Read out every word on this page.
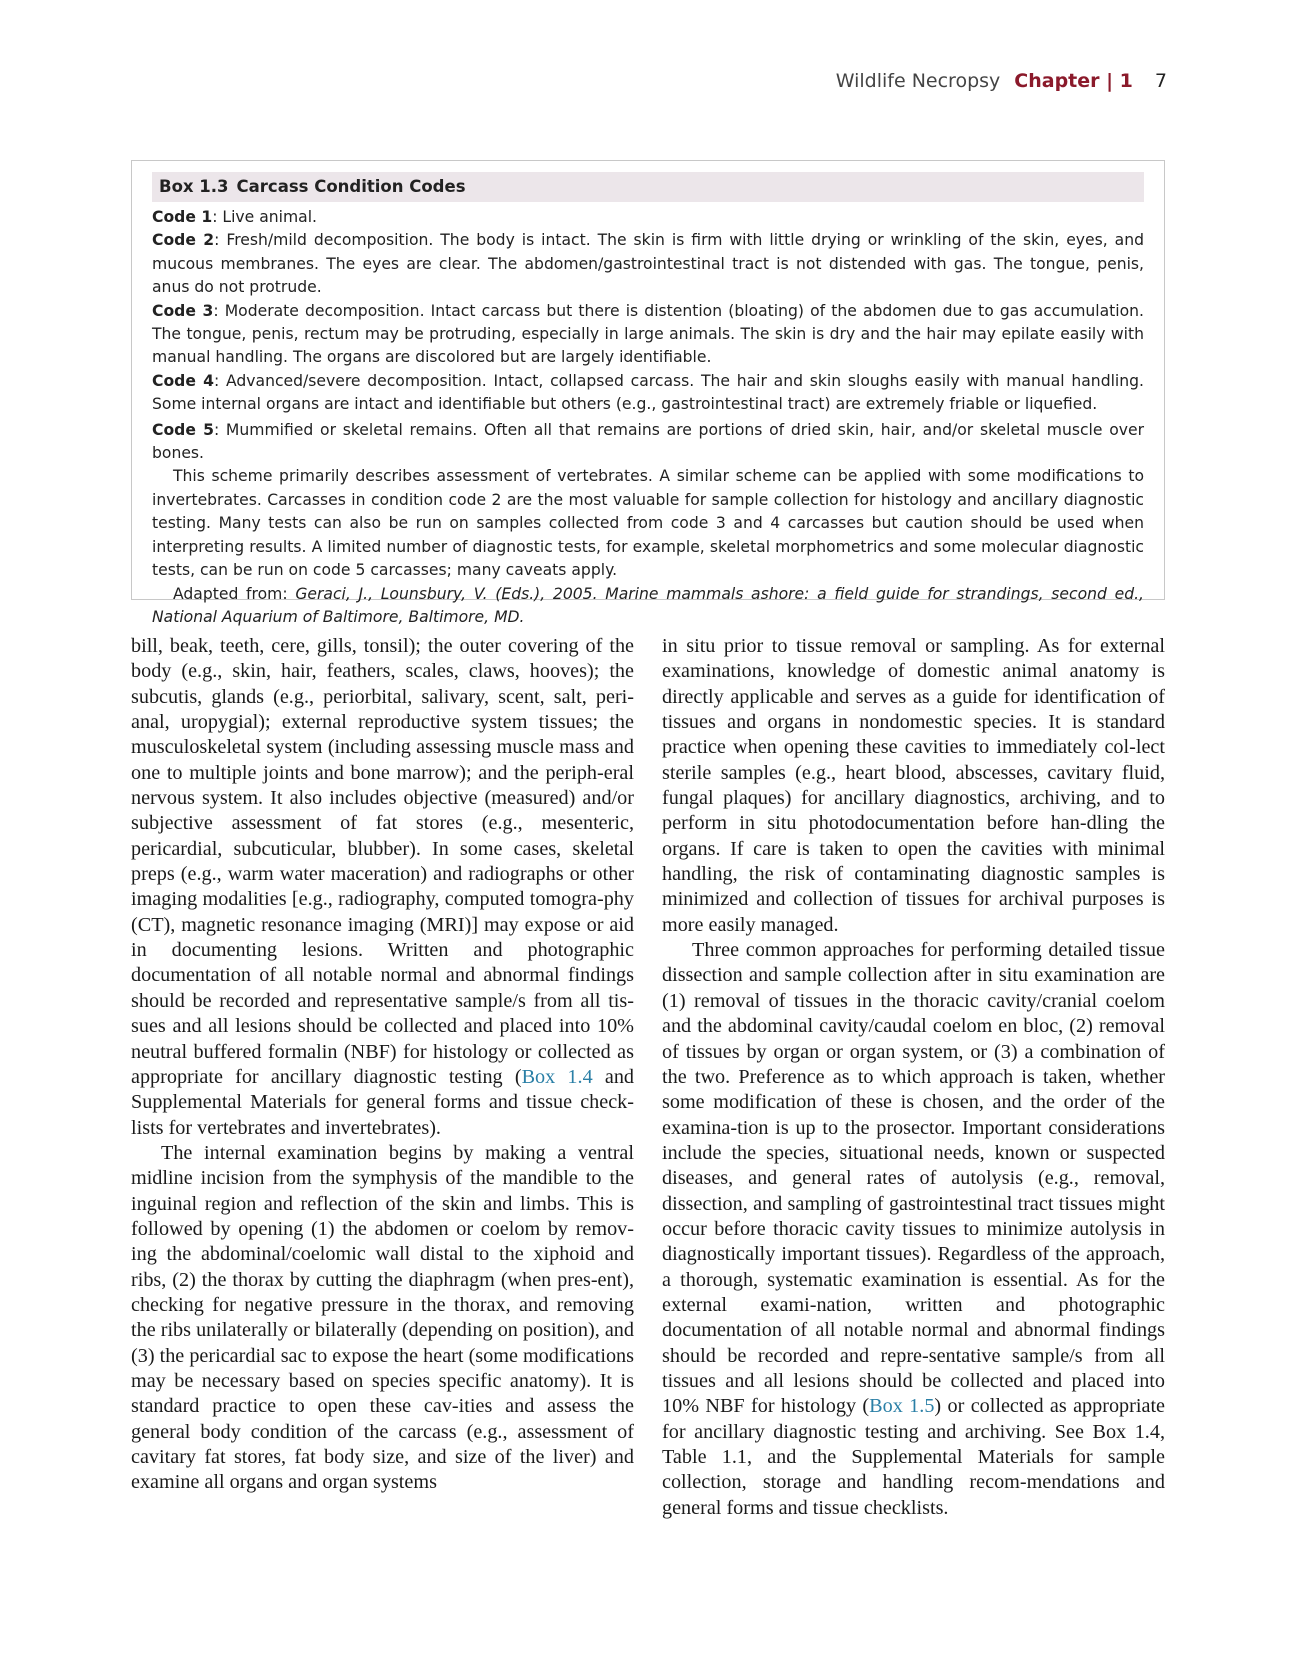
Wildlife Necropsy Chapter | 1 7
Box 1.3 Carcass Condition Codes

Code 1: Live animal.

Code 2: Fresh/mild decomposition. The body is intact. The skin is firm with little drying or wrinkling of the skin, eyes, and mucous membranes. The eyes are clear. The abdomen/gastrointestinal tract is not distended with gas. The tongue, penis, anus do not protrude.

Code 3: Moderate decomposition. Intact carcass but there is distention (bloating) of the abdomen due to gas accumulation. The tongue, penis, rectum may be protruding, especially in large animals. The skin is dry and the hair may epilate easily with manual handling. The organs are discolored but are largely identifiable.

Code 4: Advanced/severe decomposition. Intact, collapsed carcass. The hair and skin sloughs easily with manual handling. Some internal organs are intact and identifiable but others (e.g., gastrointestinal tract) are extremely friable or liquefied.

Code 5: Mummified or skeletal remains. Often all that remains are portions of dried skin, hair, and/or skeletal muscle over bones.

This scheme primarily describes assessment of vertebrates. A similar scheme can be applied with some modifications to invertebrates. Carcasses in condition code 2 are the most valuable for sample collection for histology and ancillary diagnostic testing. Many tests can also be run on samples collected from code 3 and 4 carcasses but caution should be used when interpreting results. A limited number of diagnostic tests, for example, skeletal morphometrics and some molecular diagnostic tests, can be run on code 5 carcasses; many caveats apply.

Adapted from: Geraci, J., Lounsbury, V. (Eds.), 2005. Marine mammals ashore: a field guide for strandings, second ed., National Aquarium of Baltimore, Baltimore, MD.

bill, beak, teeth, cere, gills, tonsil); the outer covering of the body (e.g., skin, hair, feathers, scales, claws, hooves); the subcutis, glands (e.g., periorbital, salivary, scent, salt, peri-anal, uropygial); external reproductive system tissues; the musculoskeletal system (including assessing muscle mass and one to multiple joints and bone marrow); and the periph-eral nervous system. It also includes objective (measured) and/or subjective assessment of fat stores (e.g., mesenteric, pericardial, subcuticular, blubber). In some cases, skeletal preps (e.g., warm water maceration) and radiographs or other imaging modalities [e.g., radiography, computed tomogra-phy (CT), magnetic resonance imaging (MRI)] may expose or aid in documenting lesions. Written and photographic documentation of all notable normal and abnormal findings should be recorded and representative sample/s from all tis-sues and all lesions should be collected and placed into 10% neutral buffered formalin (NBF) for histology or collected as appropriate for ancillary diagnostic testing (Box 1.4 and Supplemental Materials for general forms and tissue check-lists for vertebrates and invertebrates).

The internal examination begins by making a ventral midline incision from the symphysis of the mandible to the inguinal region and reflection of the skin and limbs. This is followed by opening (1) the abdomen or coelom by remov-ing the abdominal/coelomic wall distal to the xiphoid and ribs, (2) the thorax by cutting the diaphragm (when pres-ent), checking for negative pressure in the thorax, and removing the ribs unilaterally or bilaterally (depending on position), and (3) the pericardial sac to expose the heart (some modifications may be necessary based on species specific anatomy). It is standard practice to open these cav-ities and assess the general body condition of the carcass (e.g., assessment of cavitary fat stores, fat body size, and size of the liver) and examine all organs and organ systems

in situ prior to tissue removal or sampling. As for external examinations, knowledge of domestic animal anatomy is directly applicable and serves as a guide for identification of tissues and organs in nondomestic species. It is standard practice when opening these cavities to immediately col-lect sterile samples (e.g., heart blood, abscesses, cavitary fluid, fungal plaques) for ancillary diagnostics, archiving, and to perform in situ photodocumentation before han-dling the organs. If care is taken to open the cavities with minimal handling, the risk of contaminating diagnostic samples is minimized and collection of tissues for archival purposes is more easily managed.

Three common approaches for performing detailed tissue dissection and sample collection after in situ examination are (1) removal of tissues in the thoracic cavity/cranial coelom and the abdominal cavity/caudal coelom en bloc, (2) removal of tissues by organ or organ system, or (3) a combination of the two. Preference as to which approach is taken, whether some modification of these is chosen, and the order of the examina-tion is up to the prosector. Important considerations include the species, situational needs, known or suspected diseases, and general rates of autolysis (e.g., removal, dissection, and sampling of gastrointestinal tract tissues might occur before thoracic cavity tissues to minimize autolysis in diagnostically important tissues). Regardless of the approach, a thorough, systematic examination is essential. As for the external exami-nation, written and photographic documentation of all notable normal and abnormal findings should be recorded and repre-sentative sample/s from all tissues and all lesions should be collected and placed into 10% NBF for histology (Box 1.5) or collected as appropriate for ancillary diagnostic testing and archiving. See Box 1.4, Table 1.1, and the Supplemental Materials for sample collection, storage and handling recom-mendations and general forms and tissue checklists.
